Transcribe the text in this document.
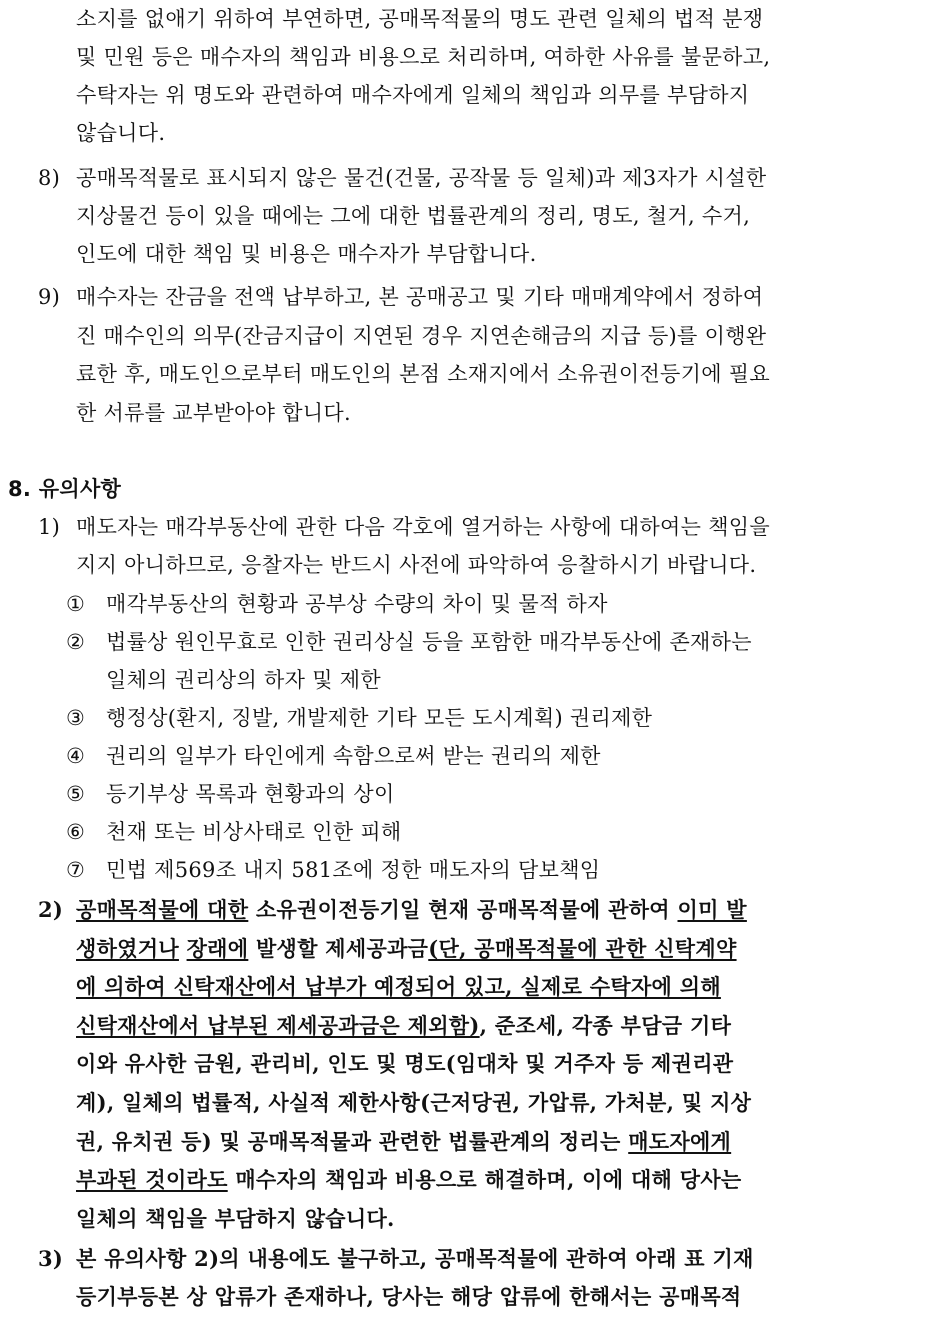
소지를 없애기 위하여 부연하면, 공매목적물의 명도 관련 일체의 법적 분쟁
및 민원 등은 매수자의 책임과 비용으로 처리하며, 여하한 사유를 불문하고,
수탁자는 위 명도와 관련하여 매수자에게 일체의 책임과 의무를 부담하지
않습니다.
8) 공매목적물로 표시되지 않은 물건(건물, 공작물 등 일체)과 제3자가 시설한
지상물건 등이 있을 때에는 그에 대한 법률관계의 정리, 명도, 철거, 수거,
인도에 대한 책임 및 비용은 매수자가 부담합니다.
9) 매수자는 잔금을 전액 납부하고, 본 공매공고 및 기타 매매계약에서 정하여
진 매수인의 의무(잔금지급이 지연된 경우 지연손해금의 지급 등)를 이행완
료한 후, 매도인으로부터 매도인의 본점 소재지에서 소유권이전등기에 필요
한 서류를 교부받아야 합니다.
8. 유의사항
1) 매도자는 매각부동산에 관한 다음 각호에 열거하는 사항에 대하여는 책임을
지지 아니하므로, 응찰자는 반드시 사전에 파악하여 응찰하시기 바랍니다.
① 매각부동산의 현황과 공부상 수량의 차이 및 물적 하자
② 법률상 원인무효로 인한 권리상실 등을 포함한 매각부동산에 존재하는
일체의 권리상의 하자 및 제한
③ 행정상(환지, 징발, 개발제한 기타 모든 도시계획) 권리제한
④ 권리의 일부가 타인에게 속함으로써 받는 권리의 제한
⑤ 등기부상 목록과 현황과의 상이
⑥ 천재 또는 비상사태로 인한 피해
⑦ 민법 제569조 내지 581조에 정한 매도자의 담보책임
2) 공매목적물에 대한 소유권이전등기일 현재 공매목적물에 관하여 이미 발
생하였거나 장래에 발생할 제세공과금(단, 공매목적물에 관한 신탁계약
에 의하여 신탁재산에서 납부가 예정되어 있고, 실제로 수탁자에 의해
신탁재산에서 납부된 제세공과금은 제외함), 준조세, 각종 부담금 기타
이와 유사한 금원, 관리비, 인도 및 명도(임대차 및 거주자 등 제권리관
계), 일체의 법률적, 사실적 제한사항(근저당권, 가압류, 가처분, 및 지상
권, 유치권 등) 및 공매목적물과 관련한 법률관계의 정리는 매도자에게
부과된 것이라도 매수자의 책임과 비용으로 해결하며, 이에 대해 당사는
일체의 책임을 부담하지 않습니다.
3) 본 유의사항 2)의 내용에도 불구하고, 공매목적물에 관하여 아래 표 기재
등기부등본 상 압류가 존재하나, 당사는 해당 압류에 한해서는 공매목적
